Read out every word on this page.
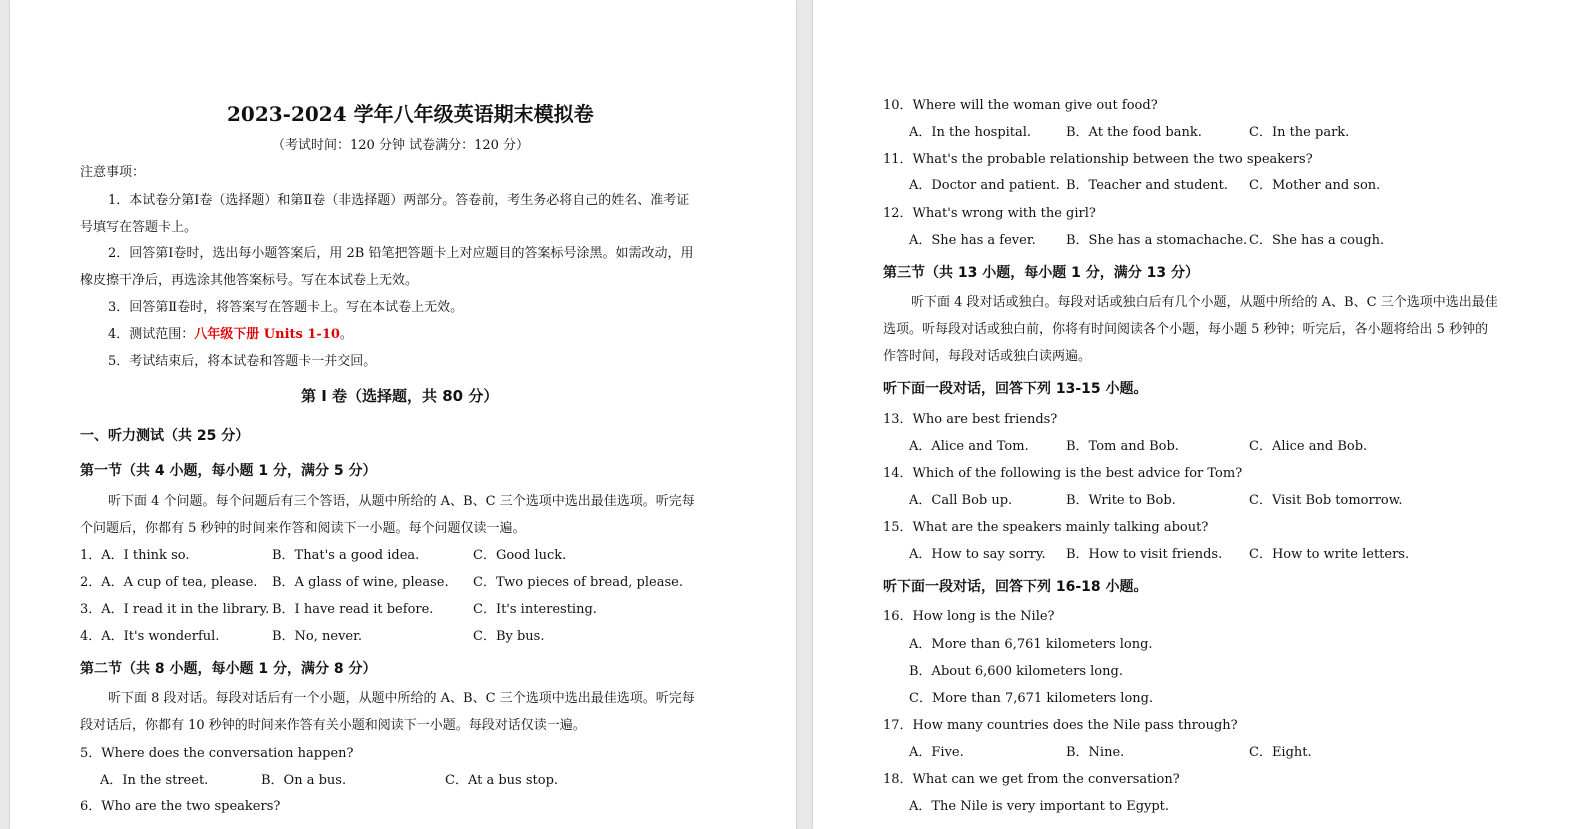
2023-2024 学年八年级英语期末模拟卷
（考试时间：120 分钟 试卷满分：120 分）
注意事项：
1．本试卷分第Ⅰ卷（选择题）和第Ⅱ卷（非选择题）两部分。答卷前，考生务必将自己的姓名、准考证
号填写在答题卡上。
2．回答第Ⅰ卷时，选出每小题答案后，用 2B 铅笔把答题卡上对应题目的答案标号涂黑。如需改动，用
橡皮擦干净后，再选涂其他答案标号。写在本试卷上无效。
3．回答第Ⅱ卷时，将答案写在答题卡上。写在本试卷上无效。
4．测试范围：八年级下册 Units 1-10。
5．考试结束后，将本试卷和答题卡一并交回。
第 I 卷（选择题，共 80 分）
一、听力测试（共 25 分）
第一节（共 4 小题，每小题 1 分，满分 5 分）
听下面 4 个问题。每个问题后有三个答语，从题中所给的 A、B、C 三个选项中选出最佳选项。听完每
个问题后，你都有 5 秒钟的时间来作答和阅读下一小题。每个问题仅读一遍。
1．A．I think so.	B．That's a good idea.	C．Good luck.
2．A．A cup of tea, please. B．A glass of wine, please. C．Two pieces of bread, please.
3．A．I read it in the library. B．I have read it before.	C．It's interesting.
4．A．It's wonderful.	B．No, never.	C．By bus.
第二节（共 8 小题，每小题 1 分，满分 8 分）
听下面 8 段对话。每段对话后有一个小题，从题中所给的 A、B、C 三个选项中选出最佳选项。听完每
段对话后，你都有 10 秒钟的时间来作答有关小题和阅读下一小题。每段对话仅读一遍。
5．Where does the conversation happen?
A．In the street.	B．On a bus.	C．At a bus stop.
6．Who are the two speakers?
10．Where will the woman give out food?
A．In the hospital.	B．At the food bank.	C．In the park.
11．What's the probable relationship between the two speakers?
A．Doctor and patient. B．Teacher and student. C．Mother and son.
12．What's wrong with the girl?
A．She has a fever. B．She has a stomachache. C．She has a cough.
第三节（共 13 小题，每小题 1 分，满分 13 分）
听下面 4 段对话或独白。每段对话或独白后有几个小题，从题中所给的 A、B、C 三个选项中选出最佳
选项。听每段对话或独白前，你将有时间阅读各个小题，每小题 5 秒钟；听完后，各小题将给出 5 秒钟的
作答时间，每段对话或独白读两遍。
听下面一段对话，回答下列 13-15 小题。
13．Who are best friends?
A．Alice and Tom.	B．Tom and Bob.	C．Alice and Bob.
14．Which of the following is the best advice for Tom?
A．Call Bob up.	B．Write to Bob.	C．Visit Bob tomorrow.
15．What are the speakers mainly talking about?
A．How to say sorry. B．How to visit friends. C．How to write letters.
听下面一段对话，回答下列 16-18 小题。
16．How long is the Nile?
A．More than 6,761 kilometers long.
B．About 6,600 kilometers long.
C．More than 7,671 kilometers long.
17．How many countries does the Nile pass through?
A．Five.	B．Nine.	C．Eight.
18．What can we get from the conversation?
A．The Nile is very important to Egypt.
